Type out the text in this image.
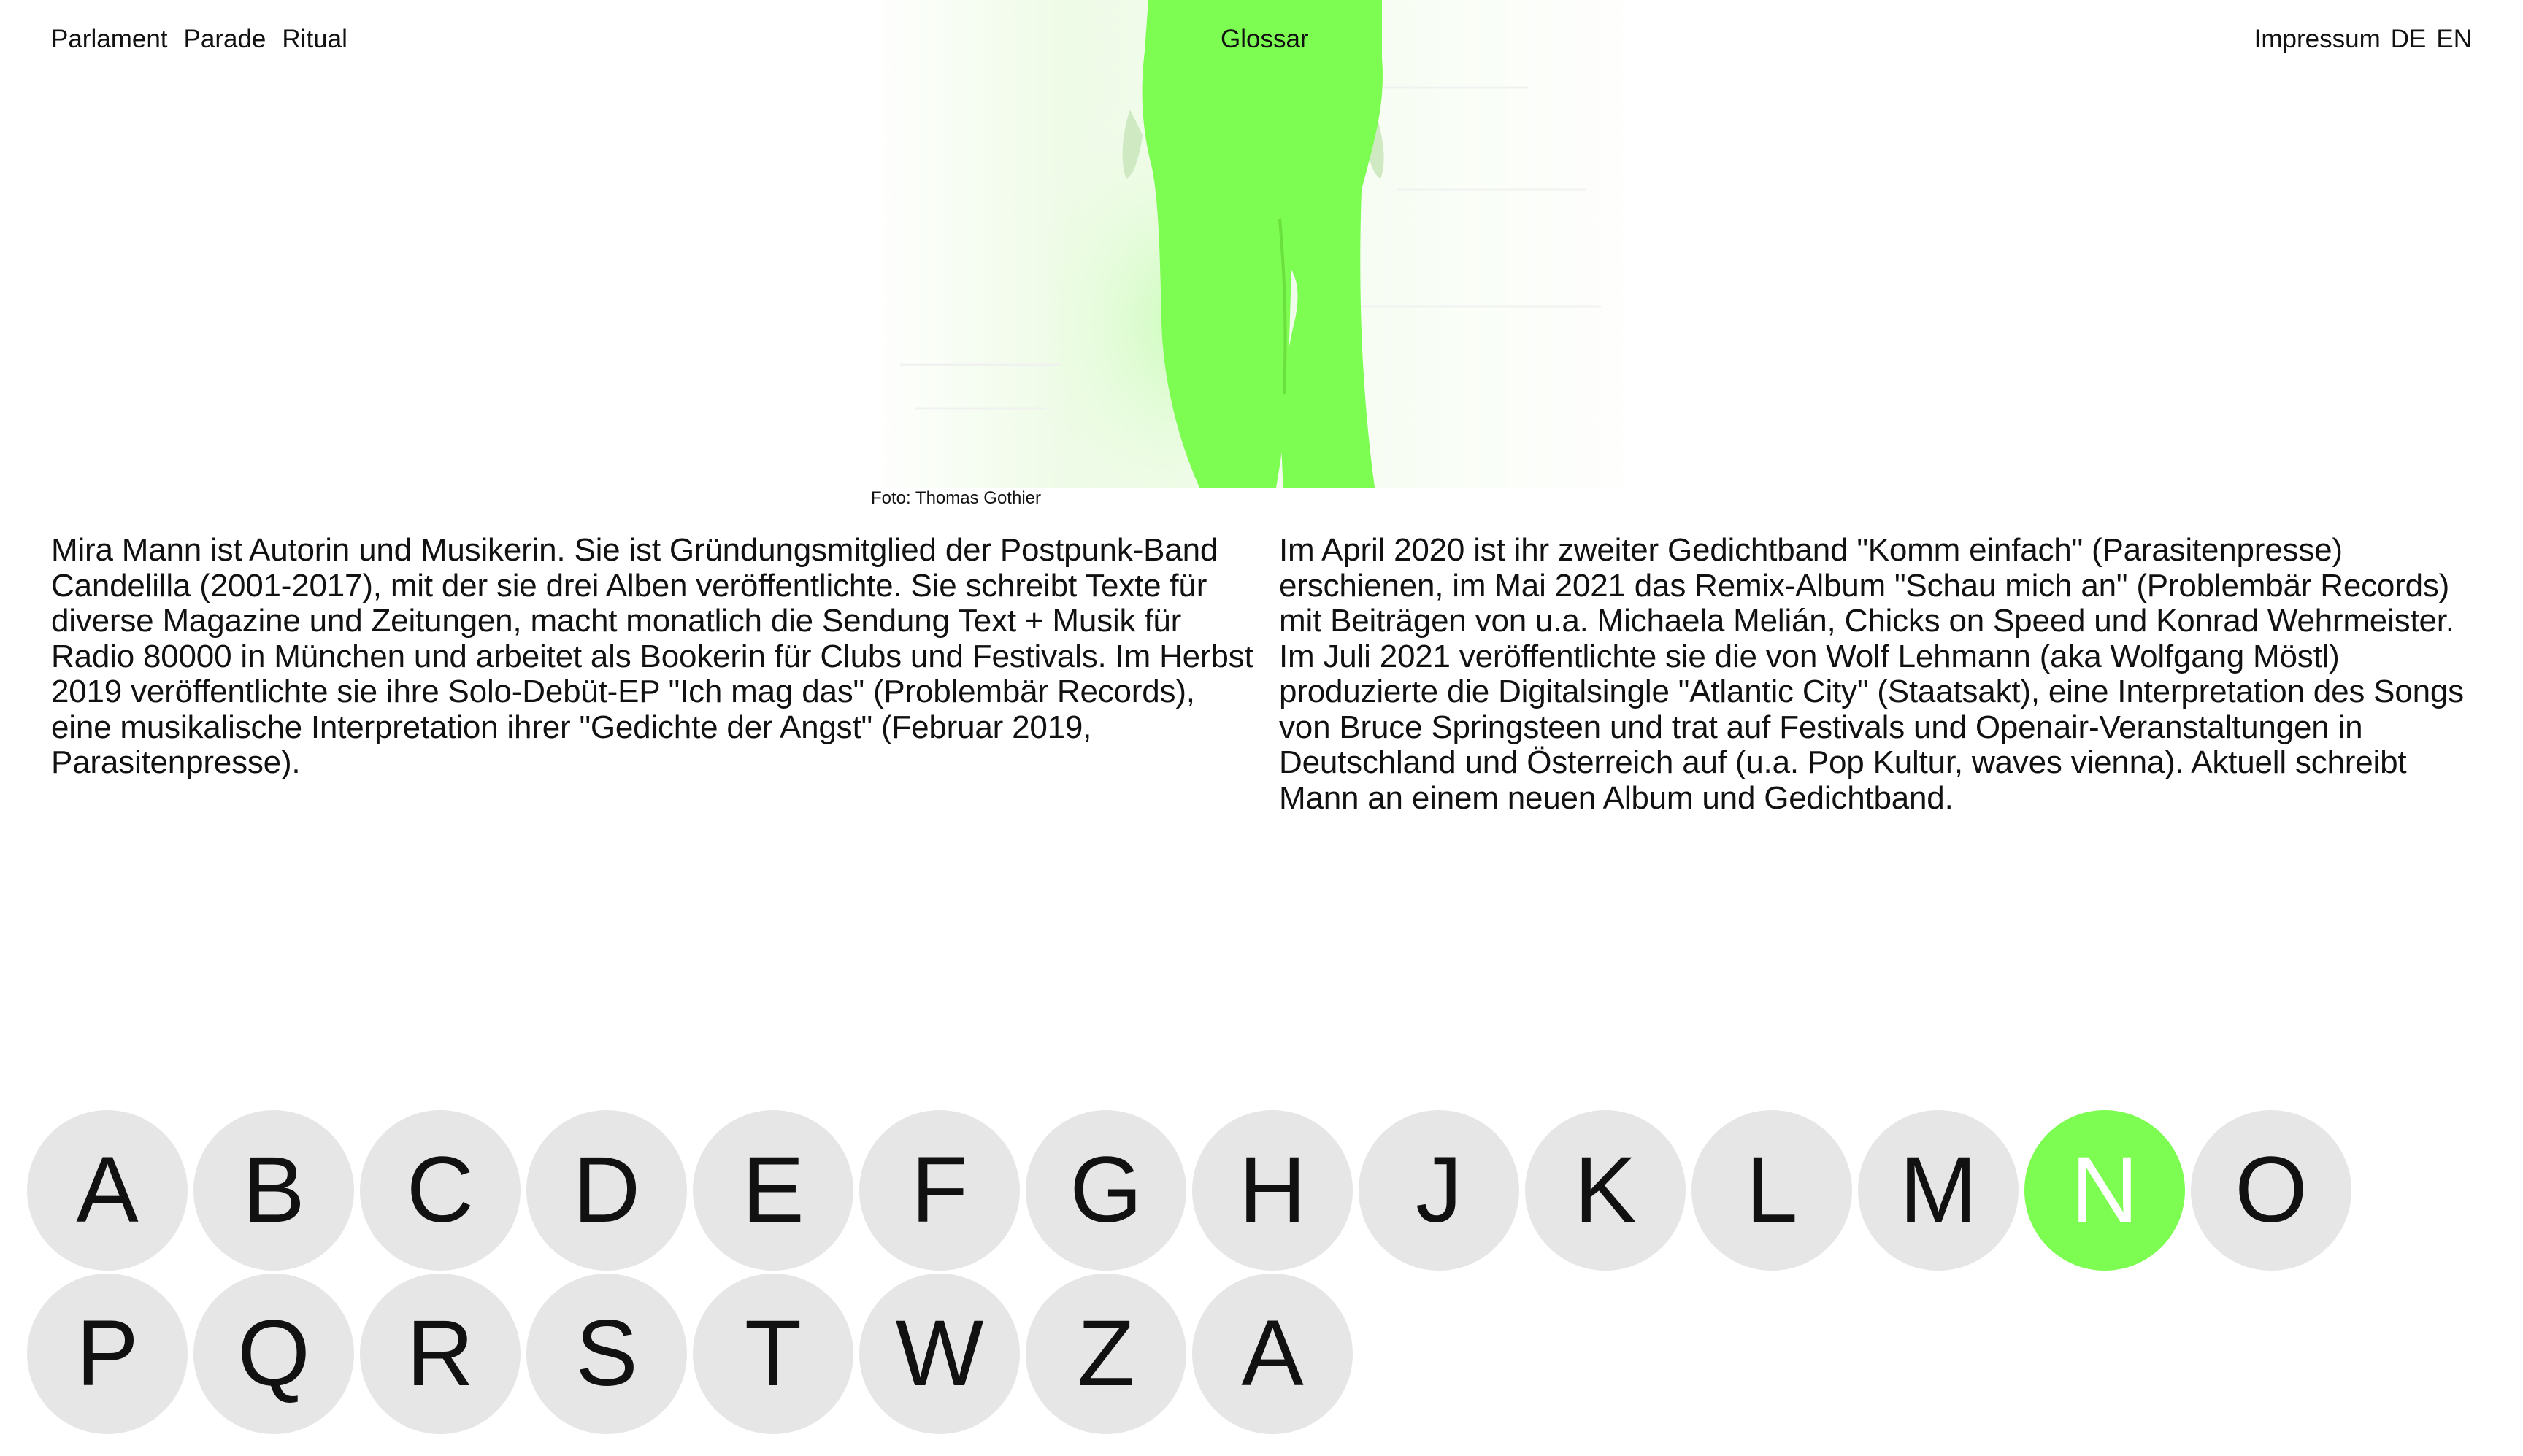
Foto: Thomas Gothier
Parlament Parade Ritual	Glossar	Impressum DE EN
Mira Mann ist Autorin und Musikerin. Sie ist Gründungsmitglied der Postpunk-Band Candelilla (2001-2017), mit der sie drei Alben veröffentlichte. Sie schreibt Texte für diverse Magazine und Zeitungen, macht monatlich die Sendung Text + Musik für Radio 80000 in München und arbeitet als Bookerin für Clubs und Festivals. Im Herbst 2019 veröffentlichte sie ihre Solo-Debüt-EP "Ich mag das" (Problembär Records), eine musikalische Interpretation ihrer "Gedichte der Angst" (Februar 2019, Parasitenpresse).
Im April 2020 ist ihr zweiter Gedichtband "Komm einfach" (Parasitenpresse) erschienen, im Mai 2021 das Remix-Album "Schau mich an" (Problembär Records) mit Beiträgen von u.a. Michaela Melián, Chicks on Speed und Konrad Wehrmeister. Im Juli 2021 veröffentlichte sie die von Wolf Lehmann (aka Wolfgang Möstl) produzierte die Digitalsingle "Atlantic City" (Staatsakt), eine Interpretation des Songs von Bruce Springsteen und trat auf Festivals und Openair-Veranstaltungen in Deutschland und Österreich auf (u.a. Pop Kultur, waves vienna). Aktuell schreibt Mann an einem neuen Album und Gedichtband.
A	B	C	D	E	F	G	H	J	K	L	M	N	O
P	Q	R	S	T	W	Z	A
